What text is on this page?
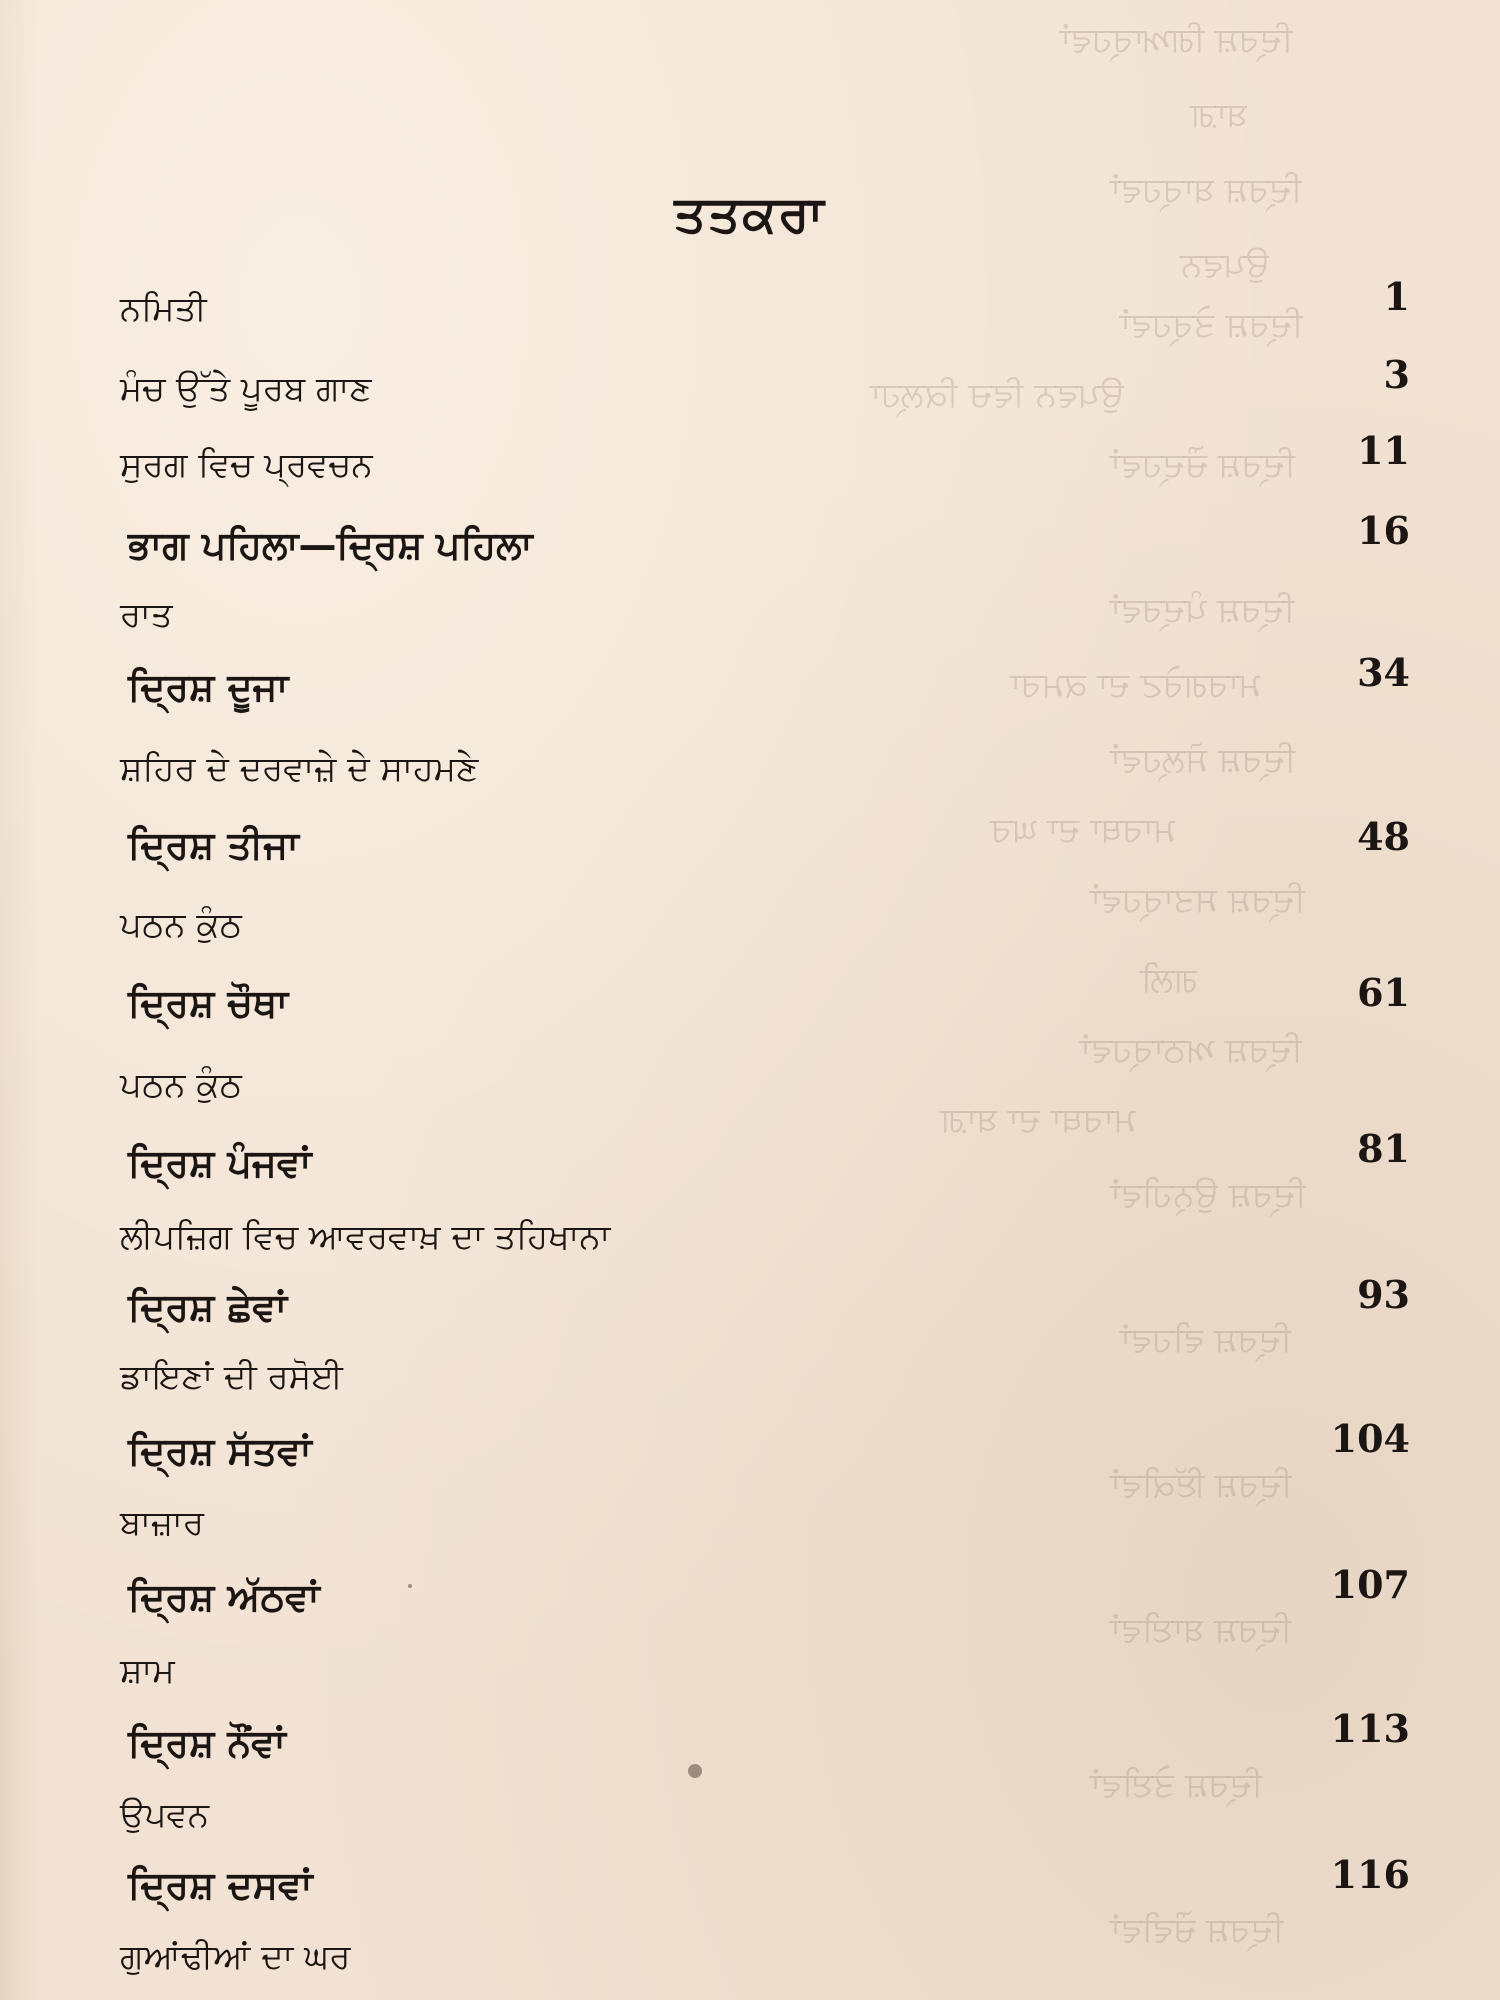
ਦ੍ਰਿਸ਼ ਗਿਆਰ੍ਹਵਾਂ
ਬਾਗ਼
ਦ੍ਰਿਸ਼ ਬਾਰ੍ਹਵਾਂ
ਉਪਵਨ
ਦ੍ਰਿਸ਼ ਤੇਰ੍ਹਵਾਂ
ਉਪਵਨ ਵਿਚ ਕਿਲ੍ਹਾ
ਦ੍ਰਿਸ਼ ਚੌਦ੍ਹਵਾਂ
ਦ੍ਰਿਸ਼ ਪੰਦ੍ਰਵਾਂ
ਮਾਰਗਰੇਟ ਦਾ ਕਮਰਾ
ਦ੍ਰਿਸ਼ ਸੋਲ੍ਹਵਾਂ
ਮਾਰਥਾ ਦਾ ਘਰ
ਦ੍ਰਿਸ਼ ਸਤਾਰ੍ਹਵਾਂ
ਗਲੀ
ਦ੍ਰਿਸ਼ ਅਠਾਰ੍ਹਵਾਂ
ਮਾਰਥਾ ਦਾ ਬਾਗ਼
ਦ੍ਰਿਸ਼ ਉਨ੍ਹੀਵਾਂ
ਦ੍ਰਿਸ਼ ਵੀਹਵਾਂ
ਦ੍ਰਿਸ਼ ਇੱਕੀਵਾਂ
ਦ੍ਰਿਸ਼ ਬਾਈਵਾਂ
ਦ੍ਰਿਸ਼ ਤੇਈਵਾਂ
ਦ੍ਰਿਸ਼ ਚੌਵੀਵਾਂ
ਤਤਕਰਾ
ਨਮਿਤੀ	1
ਮੰਚ ਉੱਤੇ ਪੂਰਬ ਗਾਣ	3
ਸੁਰਗ ਵਿਚ ਪ੍ਰਵਚਨ	11
ਭਾਗ ਪਹਿਲਾ—ਦ੍ਰਿਸ਼ ਪਹਿਲਾ	16
ਰਾਤ
ਦ੍ਰਿਸ਼ ਦੂਜਾ	34
ਸ਼ਹਿਰ ਦੇ ਦਰਵਾਜ਼ੇ ਦੇ ਸਾਹਮਣੇ
ਦ੍ਰਿਸ਼ ਤੀਜਾ	48
ਪਠਨ ਕੁੰਠ
ਦ੍ਰਿਸ਼ ਚੌਥਾ	61
ਪਠਨ ਕੁੰਠ
ਦ੍ਰਿਸ਼ ਪੰਜਵਾਂ	81
ਲੀਪਜ਼ਿਗ ਵਿਚ ਆਵਰਵਾਖ਼ ਦਾ ਤਹਿਖਾਨਾ
ਦ੍ਰਿਸ਼ ਛੇਵਾਂ	93
ਡਾਇਣਾਂ ਦੀ ਰਸੋਈ
ਦ੍ਰਿਸ਼ ਸੱਤਵਾਂ	104
ਬਾਜ਼ਾਰ
ਦ੍ਰਿਸ਼ ਅੱਠਵਾਂ	107
ਸ਼ਾਮ
ਦ੍ਰਿਸ਼ ਨੌਂਵਾਂ	113
ਉਪਵਨ
ਦ੍ਰਿਸ਼ ਦਸਵਾਂ	116
ਗੁਆਂਢੀਆਂ ਦਾ ਘਰ
